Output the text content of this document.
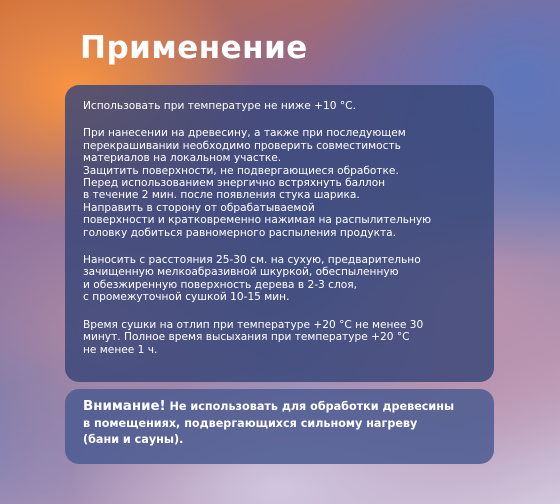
Применение

Использовать при температуре не ниже +10 °С.

При нанесении на древесину, а также при последующем
перекрашивании необходимо проверить совместимость
материалов на локальном участке.
Защитить поверхности, не подвергающиеся обработке.
Перед использованием энергично встряхнуть баллон
в течение 2 мин. после появления стука шарика.
Направить в сторону от обрабатываемой
поверхности и кратковременно нажимая на распылительную
головку добиться равномерного распыления продукта.

Наносить с расстояния 25-30 см. на сухую, предварительно
зачищенную мелкоабразивной шкуркой, обеспыленную
и обезжиренную поверхность дерева в 2-3 слоя,
с промежуточной сушкой 10-15 мин.

Время сушки на отлип при температуре +20 °С не менее 30
минут. Полное время высыхания при температуре +20 °С
не менее 1 ч.

Внимание! Не использовать для обработки древесины
в помещениях, подвергающихся сильному нагреву
(бани и сауны).
